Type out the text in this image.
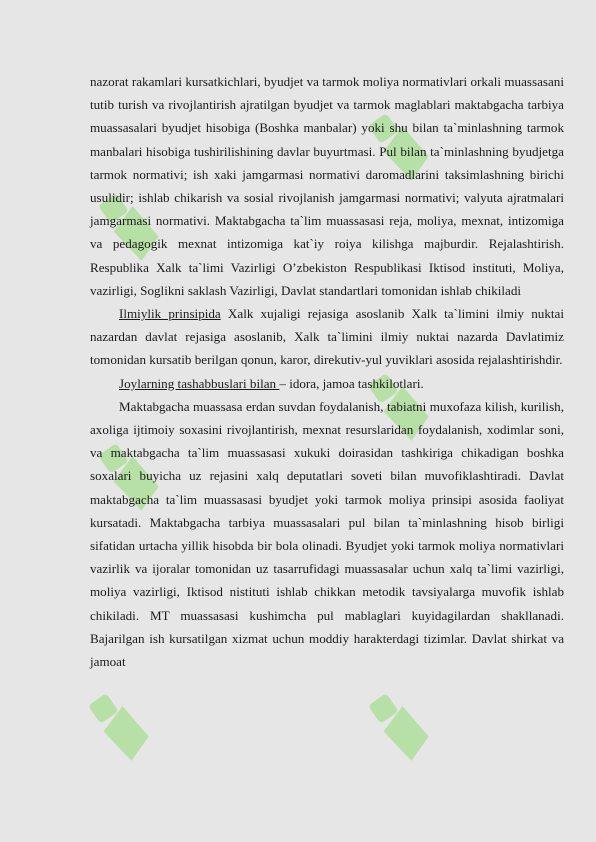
nazorat rakamlari kursatkichlari, byudjet va tarmok moliya normativlari orkali muassasani tutib turish va rivojlantirish ajratilgan byudjet va tarmok maglablari maktabgacha tarbiya muassasalari byudjet hisobiga (Boshka manbalar) yoki shu bilan ta`minlashning tarmok manbalari hisobiga tushirilishining davlar buyurtmasi. Pul bilan ta`minlashning byudjetga tarmok normativi; ish xaki jamgarmasi normativi daromadlarini taksimlashning birichi usulidir; ishlab chikarish va sosial rivojlanish jamgarmasi normativi; valyuta ajratmalari jamgarmasi normativi. Maktabgacha ta`lim muassasasi reja, moliya, mexnat, intizomiga va pedagogik mexnat intizomiga kat`iy roiya kilishga majburdir. Rejalashtirish. Respublika Xalk ta`limi Vazirligi O’zbekiston Respublikasi Iktisod instituti, Moliya, vazirligi, Soglikni saklash Vazirligi, Davlat standartlari tomonidan ishlab chikiladi

Ilmiylik prinsipida Xalk xujaligi rejasiga asoslanib Xalk ta`limini ilmiy nuktai nazardan davlat rejasiga asoslanib, Xalk ta`limini ilmiy nuktai nazarda Davlatimiz tomonidan kursatib berilgan qonun, karor, direkutiv-yul yuviklari asosida rejalashtirishdir.

Joylarning tashabbuslari bilan – idora, jamoa tashkilotlari.

Maktabgacha muassasa erdan suvdan foydalanish, tabiatni muxofaza kilish, kurilish, axoliga ijtimoiy soxasini rivojlantirish, mexnat resurslaridan foydalanish, xodimlar soni, va maktabgacha ta`lim muassasasi xukuki doirasidan tashkiriga chikadigan boshka soxalari buyicha uz rejasini xalq deputatlari soveti bilan muvofiklashtiradi. Davlat maktabgacha ta`lim muassasasi byudjet yoki tarmok moliya prinsipi asosida faoliyat kursatadi. Maktabgacha tarbiya muassasalari pul bilan ta`minlashning hisob birligi sifatidan urtacha yillik hisobda bir bola olinadi. Byudjet yoki tarmok moliya normativlari vazirlik va ijoralar tomonidan uz tasarrufidagi muassasalar uchun xalq ta`limi vazirligi, moliya vazirligi, Iktisod nistituti ishlab chikkan metodik tavsiyalarga muvofik ishlab chikiladi. MT muassasasi kushimcha pul mablaglari kuyidagilardan shakllanadi. Bajarilgan ish kursatilgan xizmat uchun moddiy harakterdagi tizimlar. Davlat shirkat va jamoat
